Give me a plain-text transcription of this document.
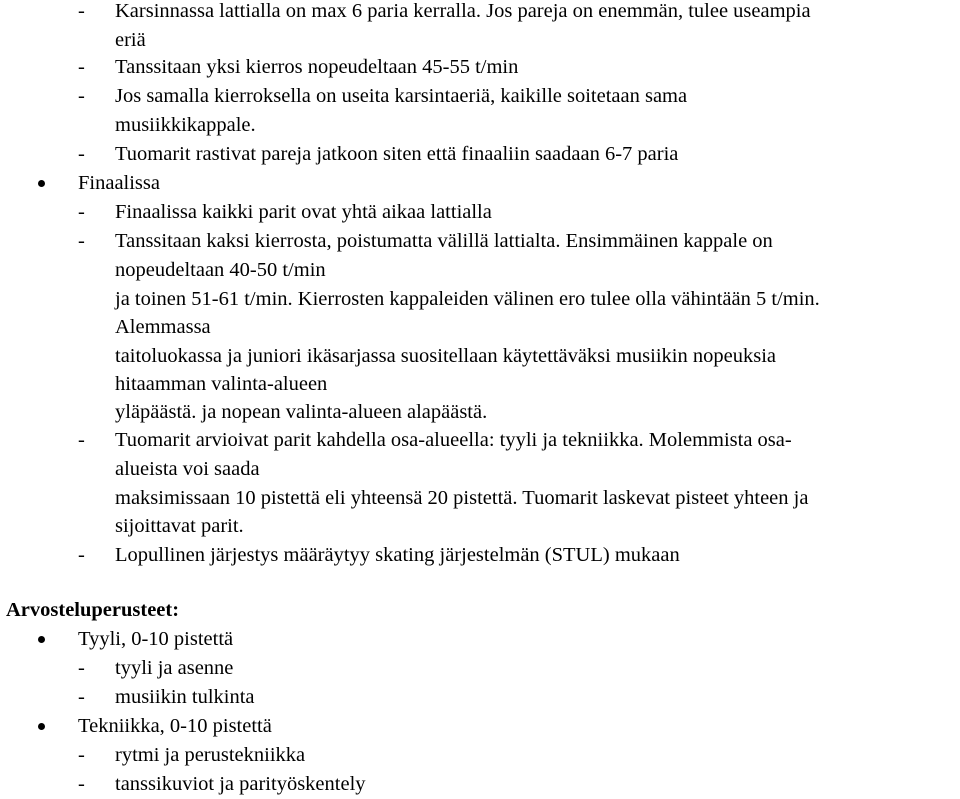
- Karsinnassa lattialla on max 6 paria kerralla. Jos pareja on enemmän, tulee useampia
eriä
- Tanssitaan yksi kierros nopeudeltaan 45-55 t/min
- Jos samalla kierroksella on useita karsintaeriä, kaikille soitetaan sama
musiikkikappale.
- Tuomarit rastivat pareja jatkoon siten että finaaliin saadaan 6-7 paria
Finaalissa
- Finaalissa kaikki parit ovat yhtä aikaa lattialla
- Tanssitaan kaksi kierrosta, poistumatta välillä lattialta. Ensimmäinen kappale on
nopeudeltaan 40-50 t/min
ja toinen 51-61 t/min. Kierrosten kappaleiden välinen ero tulee olla vähintään 5 t/min.
Alemmassa
taitoluokassa ja juniori ikäsarjassa suositellaan käytettäväksi musiikin nopeuksia
hitaamman valinta-alueen
yläpäästä. ja nopean valinta-alueen alapäästä.
- Tuomarit arvioivat parit kahdella osa-alueella: tyyli ja tekniikka. Molemmista osa-
alueista voi saada
maksimissaan 10 pistettä eli yhteensä 20 pistettä. Tuomarit laskevat pisteet yhteen ja
sijoittavat parit.
- Lopullinen järjestys määräytyy skating järjestelmän (STUL) mukaan
Arvosteluperusteet:
Tyyli, 0-10 pistettä
- tyyli ja asenne
- musiikin tulkinta
Tekniikka, 0-10 pistettä
- rytmi ja perustekniikka
- tanssikuviot ja parityöskentely
